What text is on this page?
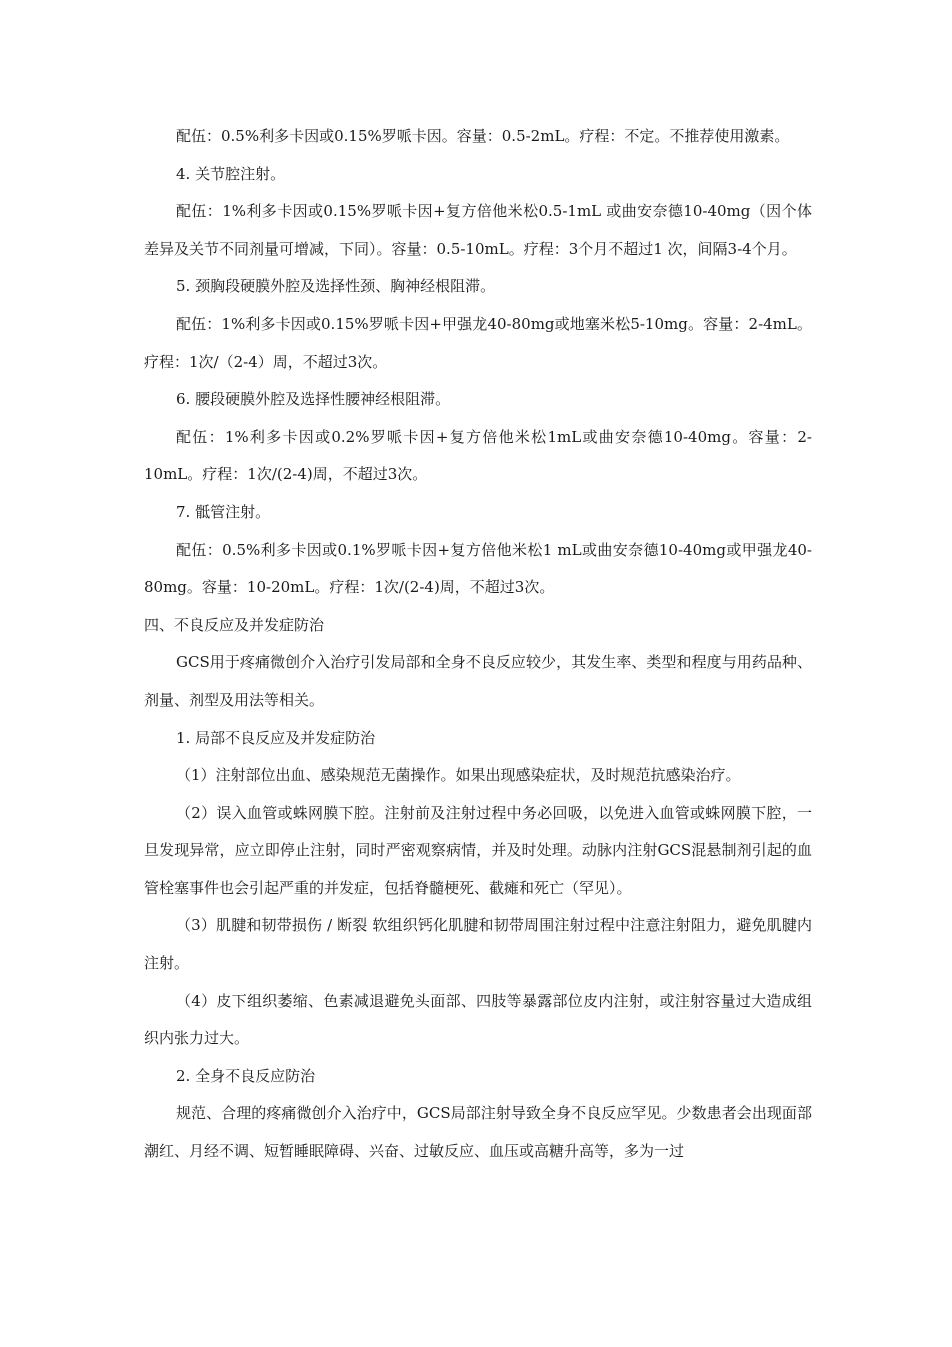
配伍：0.5%利多卡因或0.15%罗哌卡因。容量：0.5-2mL。疗程：不定。不推荐使用激素。

4. 关节腔注射。

配伍：1%利多卡因或0.15%罗哌卡因+复方倍他米松0.5-1mL 或曲安奈德10-40mg（因个体差异及关节不同剂量可增减，下同）。容量：0.5-10mL。疗程：3个月不超过1 次，间隔3-4个月。

5. 颈胸段硬膜外腔及选择性颈、胸神经根阻滞。

配伍：1%利多卡因或0.15%罗哌卡因+甲强龙40-80mg或地塞米松5-10mg。容量：2-4mL。疗程：1次/（2-4）周，不超过3次。

6. 腰段硬膜外腔及选择性腰神经根阻滞。

配伍：1%利多卡因或0.2%罗哌卡因+复方倍他米松1mL或曲安奈德10-40mg。容量：2-10mL。疗程：1次/(2-4)周，不超过3次。

7. 骶管注射。

配伍：0.5%利多卡因或0.1%罗哌卡因+复方倍他米松1 mL或曲安奈德10-40mg或甲强龙40-80mg。容量：10-20mL。疗程：1次/(2-4)周，不超过3次。

四、不良反应及并发症防治

GCS用于疼痛微创介入治疗引发局部和全身不良反应较少，其发生率、类型和程度与用药品种、剂量、剂型及用法等相关。

1. 局部不良反应及并发症防治

（1）注射部位出血、感染规范无菌操作。如果出现感染症状，及时规范抗感染治疗。

（2）误入血管或蛛网膜下腔。注射前及注射过程中务必回吸，以免进入血管或蛛网膜下腔，一旦发现异常，应立即停止注射，同时严密观察病情，并及时处理。动脉内注射GCS混悬制剂引起的血管栓塞事件也会引起严重的并发症，包括脊髓梗死、截瘫和死亡（罕见）。

（3）肌腱和韧带损伤 / 断裂 软组织钙化肌腱和韧带周围注射过程中注意注射阻力，避免肌腱内注射。

（4）皮下组织萎缩、色素减退避免头面部、四肢等暴露部位皮内注射，或注射容量过大造成组织内张力过大。

2. 全身不良反应防治

规范、合理的疼痛微创介入治疗中，GCS局部注射导致全身不良反应罕见。少数患者会出现面部潮红、月经不调、短暂睡眠障碍、兴奋、过敏反应、血压或高糖升高等，多为一过
